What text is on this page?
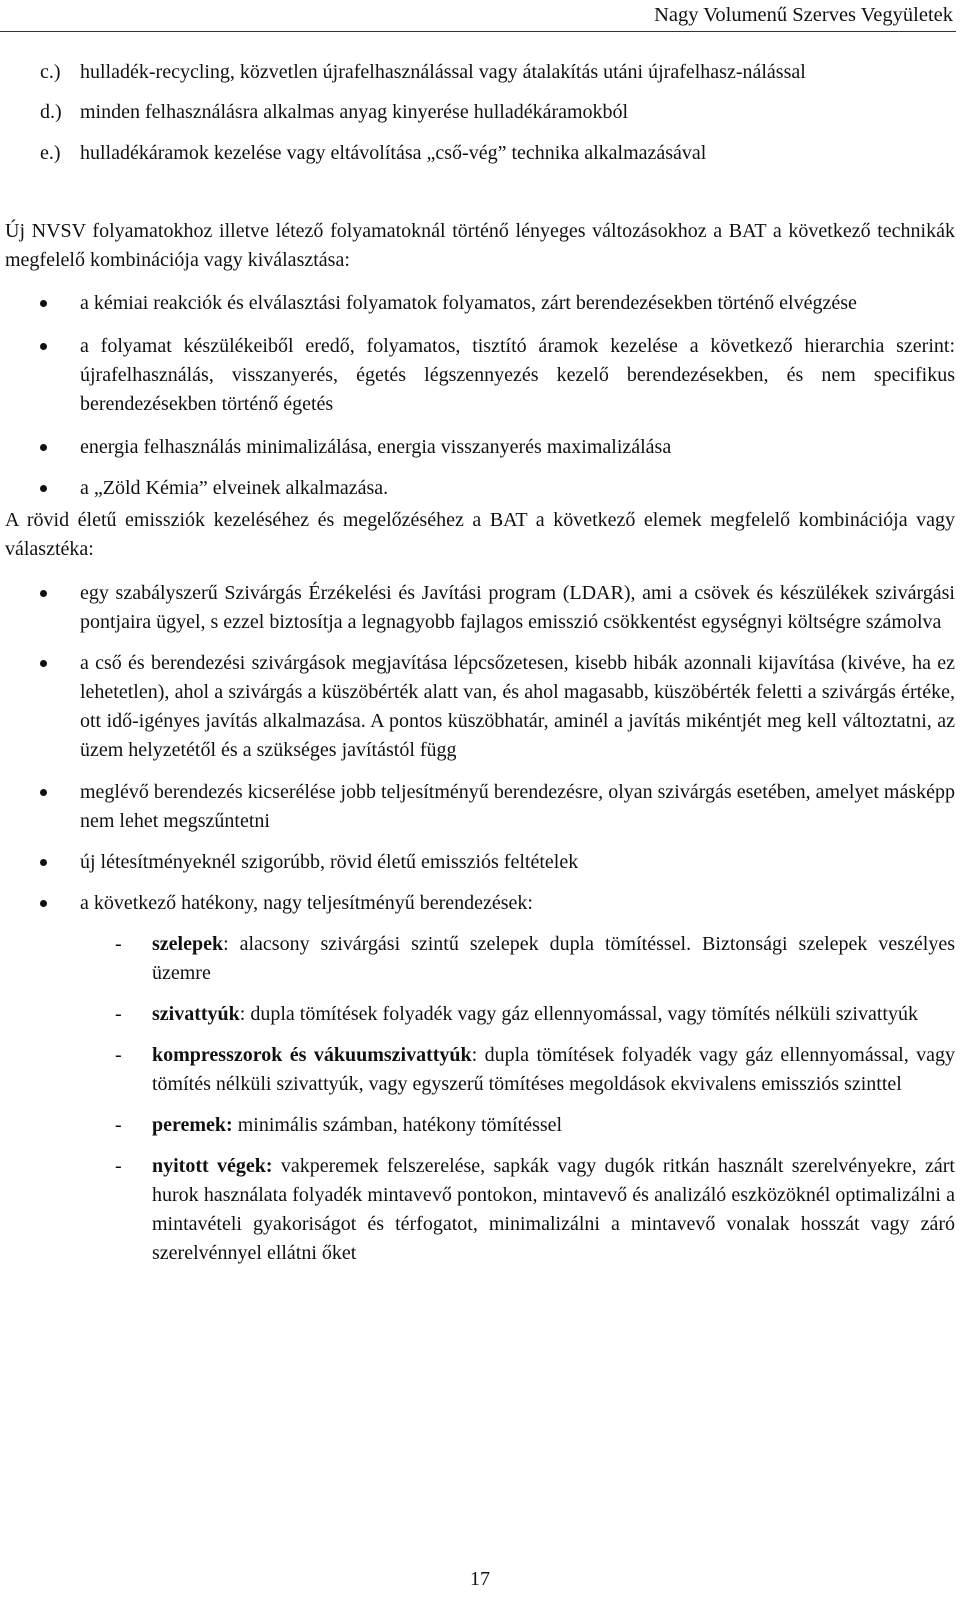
Nagy Volumenű Szerves Vegyületek
c.) hulladék-recycling, közvetlen újrafelhasználással vagy átalakítás utáni újrafelhasz-nálással
d.) minden felhasználásra alkalmas anyag kinyerése hulladékáramokból
e.) hulladékáramok kezelése vagy eltávolítása „cső-vég” technika alkalmazásával

Új NVSV folyamatokhoz illetve létező folyamatoknál történő lényeges változásokhoz a BAT a következő technikák megfelelő kombinációja vagy kiválasztása:

a kémiai reakciók és elválasztási folyamatok folyamatos, zárt berendezésekben történő elvégzése
a folyamat készülékeiből eredő, folyamatos, tisztító áramok kezelése a következő hierarchia szerint: újrafelhasználás, visszanyerés, égetés légszennyezés kezelő berendezésekben, és nem specifikus berendezésekben történő égetés
energia felhasználás minimalizálása, energia visszanyerés maximalizálása
a „Zöld Kémia” elveinek alkalmazása.

A rövid életű emissziók kezeléséhez és megelőzéséhez a BAT a következő elemek megfelelő kombinációja vagy választéka:

egy szabályszerű Szivárgás Érzékelési és Javítási program (LDAR), ami a csövek és készülékek szivárgási pontjaira ügyel, s ezzel biztosítja a legnagyobb fajlagos emisszió csökkentést egységnyi költségre számolva
a cső és berendezési szivárgások megjavítása lépcsőzetesen, kisebb hibák azonnali kijavítása (kivéve, ha ez lehetetlen), ahol a szivárgás a küszöbérték alatt van, és ahol magasabb, küszöbérték feletti a szivárgás értéke, ott idő-igényes javítás alkalmazása. A pontos küszöbhatár, aminél a javítás mikéntjét meg kell változtatni, az üzem helyzetétől és a szükséges javítástól függ
meglévő berendezés kicserélése jobb teljesítményű berendezésre, olyan szivárgás esetében, amelyet másképp nem lehet megszűntetni
új létesítményeknél szigorúbb, rövid életű emissziós feltételek
a következő hatékony, nagy teljesítményű berendezések:
- szelepek: alacsony szivárgási szintű szelepek dupla tömítéssel. Biztonsági szelepek veszélyes üzemre
- szivattyúk: dupla tömítések folyadék vagy gáz ellennyomással, vagy tömítés nélküli szivattyúk
- kompresszorok és vákuumszivattyúk: dupla tömítések folyadék vagy gáz ellennyomással, vagy tömítés nélküli szivattyúk, vagy egyszerű tömítéses megoldások ekvivalens emissziós szinttel
- peremek: minimális számban, hatékony tömítéssel
- nyitott végek: vakperemek felszerelése, sapkák vagy dugók ritkán használt szerelvényekre, zárt hurok használata folyadék mintavevő pontokon, mintavevő és analizáló eszközöknél optimalizálni a mintavételi gyakoriságot és térfogatot, minimalizálni a mintavevő vonalak hosszát vagy záró szerelvénnyel ellátni őket
17
